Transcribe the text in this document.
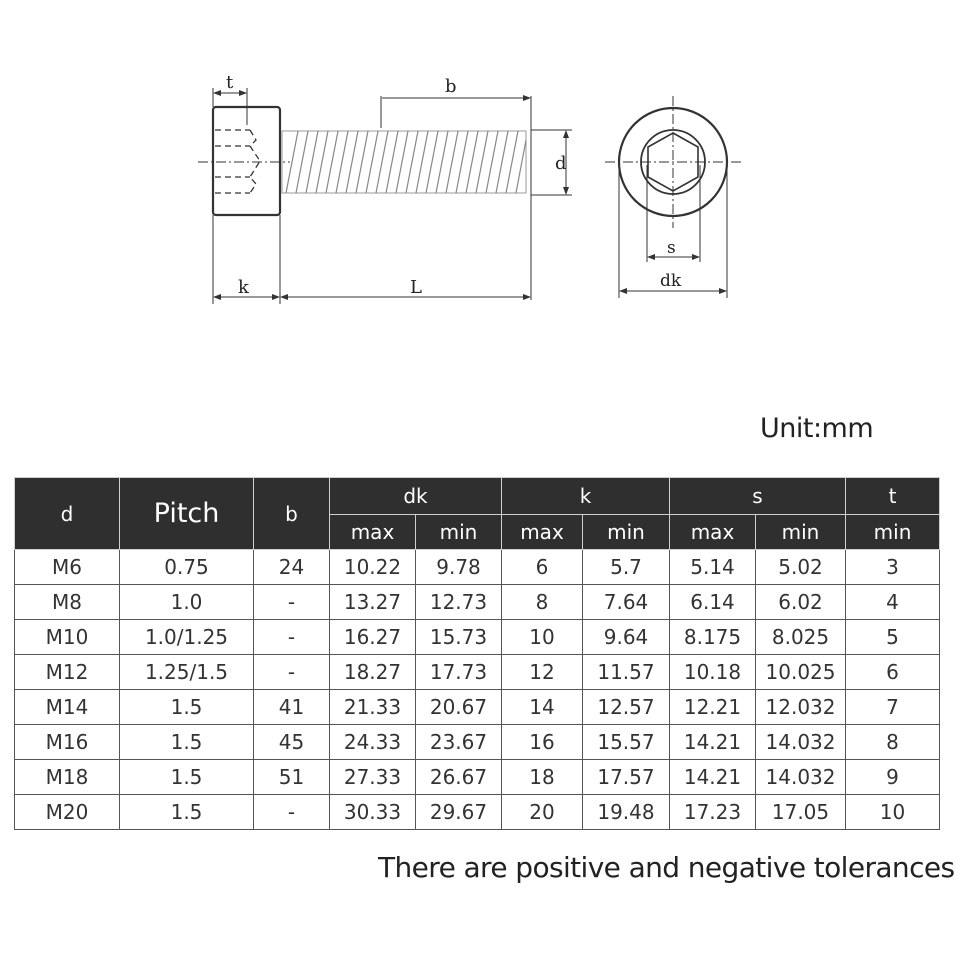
t	b
d
k	L
s
dk
Unit:mm
d	Pitch	b	dk		k		s		t
			max	min	max	min	max	min	min
M6	0.75	24	10.22	9.78	6	5.7	5.14	5.02	3
M8	1.0	-	13.27	12.73	8	7.64	6.14	6.02	4
M10	1.0/1.25	-	16.27	15.73	10	9.64	8.175	8.025	5
M12	1.25/1.5	-	18.27	17.73	12	11.57	10.18	10.025	6
M14	1.5	41	21.33	20.67	14	12.57	12.21	12.032	7
M16	1.5	45	24.33	23.67	16	15.57	14.21	14.032	8
M18	1.5	51	27.33	26.67	18	17.57	14.21	14.032	9
M20	1.5	-	30.33	29.67	20	19.48	17.23	17.05	10
There are positive and negative tolerances
